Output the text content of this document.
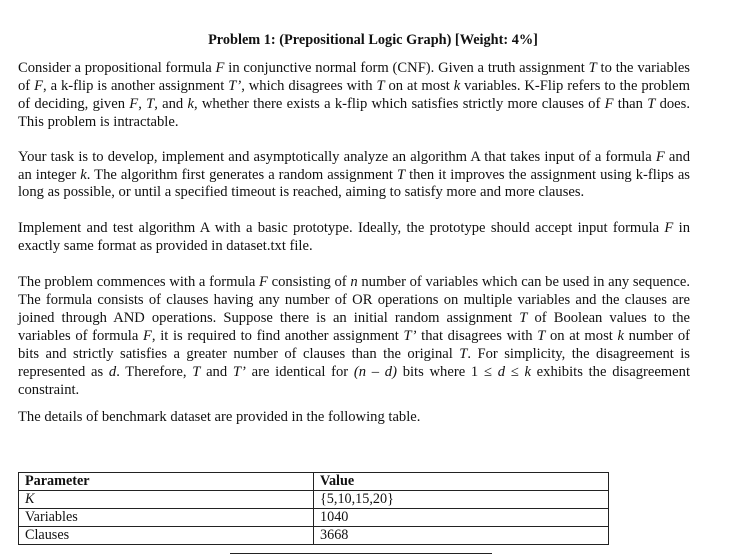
Problem 1: (Prepositional Logic Graph) [Weight: 4%]

Consider a propositional formula F in conjunctive normal form (CNF). Given a truth assignment T to the variables of F, a k-flip is another assignment T’, which disagrees with T on at most k variables. K-Flip refers to the problem of deciding, given F, T, and k, whether there exists a k-flip which satisfies strictly more clauses of F than T does. This problem is intractable.

Your task is to develop, implement and asymptotically analyze an algorithm A that takes input of a formula F and an integer k. The algorithm first generates a random assignment T then it improves the assignment using k-flips as long as possible, or until a specified timeout is reached, aiming to satisfy more and more clauses.

Implement and test algorithm A with a basic prototype. Ideally, the prototype should accept input formula F in exactly same format as provided in dataset.txt file.

The problem commences with a formula F consisting of n number of variables which can be used in any sequence. The formula consists of clauses having any number of OR operations on multiple variables and the clauses are joined through AND operations. Suppose there is an initial random assignment T of Boolean values to the variables of formula F, it is required to find another assignment T’ that disagrees with T on at most k number of bits and strictly satisfies a greater number of clauses than the original T. For simplicity, the disagreement is represented as d. Therefore, T and T’ are identical for (n – d) bits where 1 ≤ d ≤ k exhibits the disagreement constraint.

The details of benchmark dataset are provided in the following table.

Parameter	Value
K	{5,10,15,20}
Variables	1040
Clauses	3668
